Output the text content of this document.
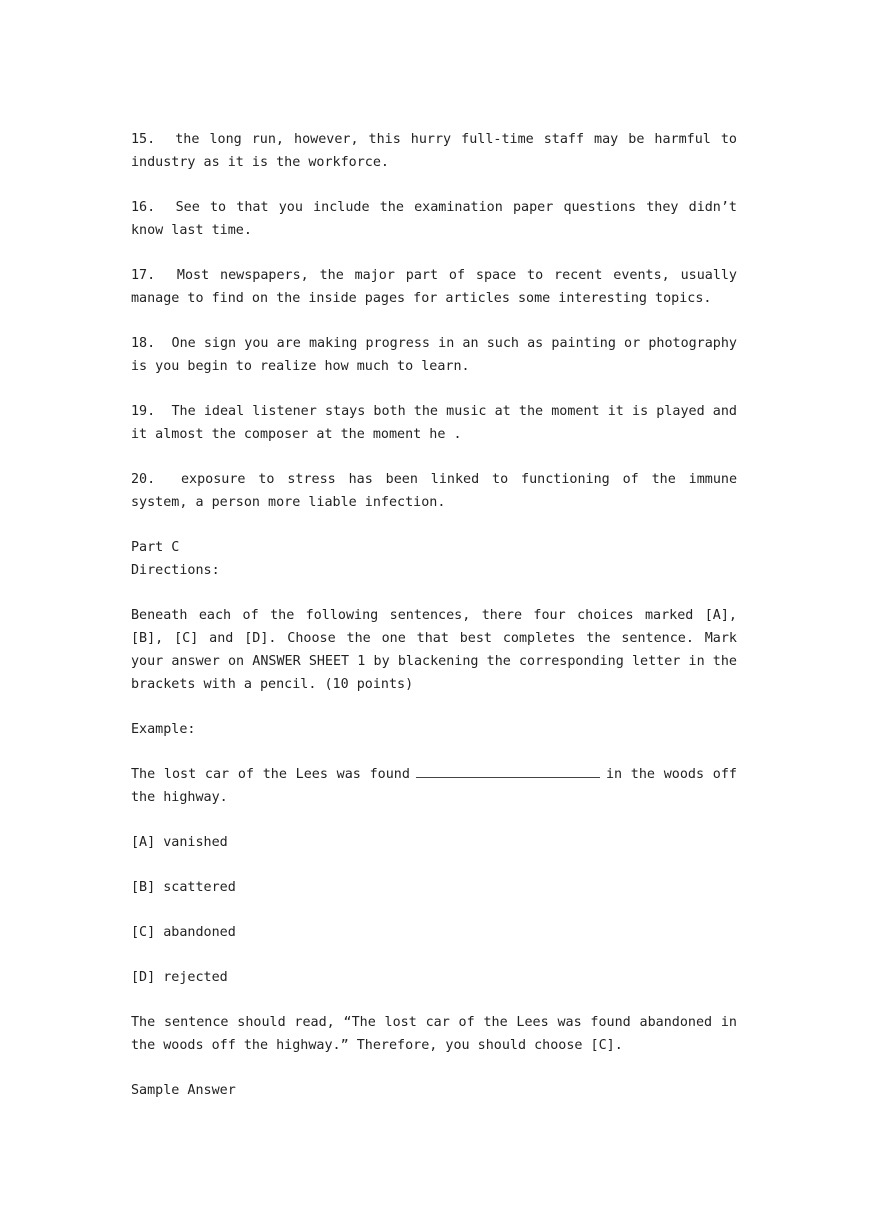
15. the long run, however, this hurry full-time staff may be harmful to industry as it is the workforce.

16. See to that you include the examination paper questions they didn’t know last time.

17. Most newspapers, the major part of space to recent events, usually manage to find on the inside pages for articles some interesting topics.

18. One sign you are making progress in an such as painting or photography is you begin to realize how much to learn.

19. The ideal listener stays both the music at the moment it is played and it almost the composer at the moment he .

20. exposure to stress has been linked to functioning of the immune system, a person more liable infection.

Part C

Directions:

Beneath each of the following sentences, there four choices marked [A], [B], [C] and [D]. Choose the one that best completes the sentence. Mark your answer on ANSWER SHEET 1 by blackening the corresponding letter in the brackets with a pencil. (10 points)

Example:

The lost car of the Lees was found	in the woods off the highway.

[A] vanished

[B] scattered

[C] abandoned

[D] rejected

The sentence should read, “The lost car of the Lees was found abandoned in the woods off the highway.” Therefore, you should choose [C].

Sample Answer
